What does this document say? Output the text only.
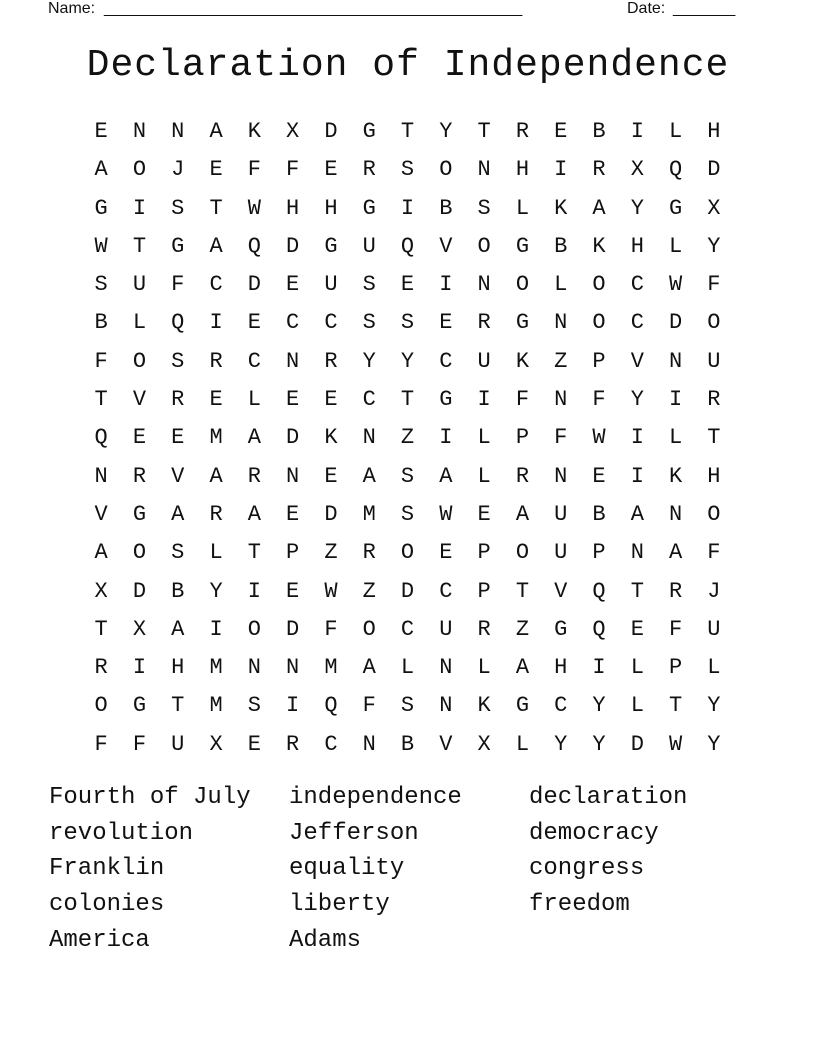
Name: _______________________________________________	Date: _______
Declaration of Independence
E	N	N	A	K	X	D	G	T	Y	T	R	E	B	I	L	H
A	O	J	E	F	F	E	R	S	O	N	H	I	R	X	Q	D
G	I	S	T	W	H	H	G	I	B	S	L	K	A	Y	G	X
W	T	G	A	Q	D	G	U	Q	V	O	G	B	K	H	L	Y
S	U	F	C	D	E	U	S	E	I	N	O	L	O	C	W	F
B	L	Q	I	E	C	C	S	S	E	R	G	N	O	C	D	O
F	O	S	R	C	N	R	Y	Y	C	U	K	Z	P	V	N	U
T	V	R	E	L	E	E	C	T	G	I	F	N	F	Y	I	R
Q	E	E	M	A	D	K	N	Z	I	L	P	F	W	I	L	T
N	R	V	A	R	N	E	A	S	A	L	R	N	E	I	K	H
V	G	A	R	A	E	D	M	S	W	E	A	U	B	A	N	O
A	O	S	L	T	P	Z	R	O	E	P	O	U	P	N	A	F
X	D	B	Y	I	E	W	Z	D	C	P	T	V	Q	T	R	J
T	X	A	I	O	D	F	O	C	U	R	Z	G	Q	E	F	U
R	I	H	M	N	N	M	A	L	N	L	A	H	I	L	P	L
O	G	T	M	S	I	Q	F	S	N	K	G	C	Y	L	T	Y
F	F	U	X	E	R	C	N	B	V	X	L	Y	Y	D	W	Y
Fourth of July	independence	declaration
revolution	Jefferson	democracy
Franklin	equality	congress
colonies	liberty	freedom
America	Adams
